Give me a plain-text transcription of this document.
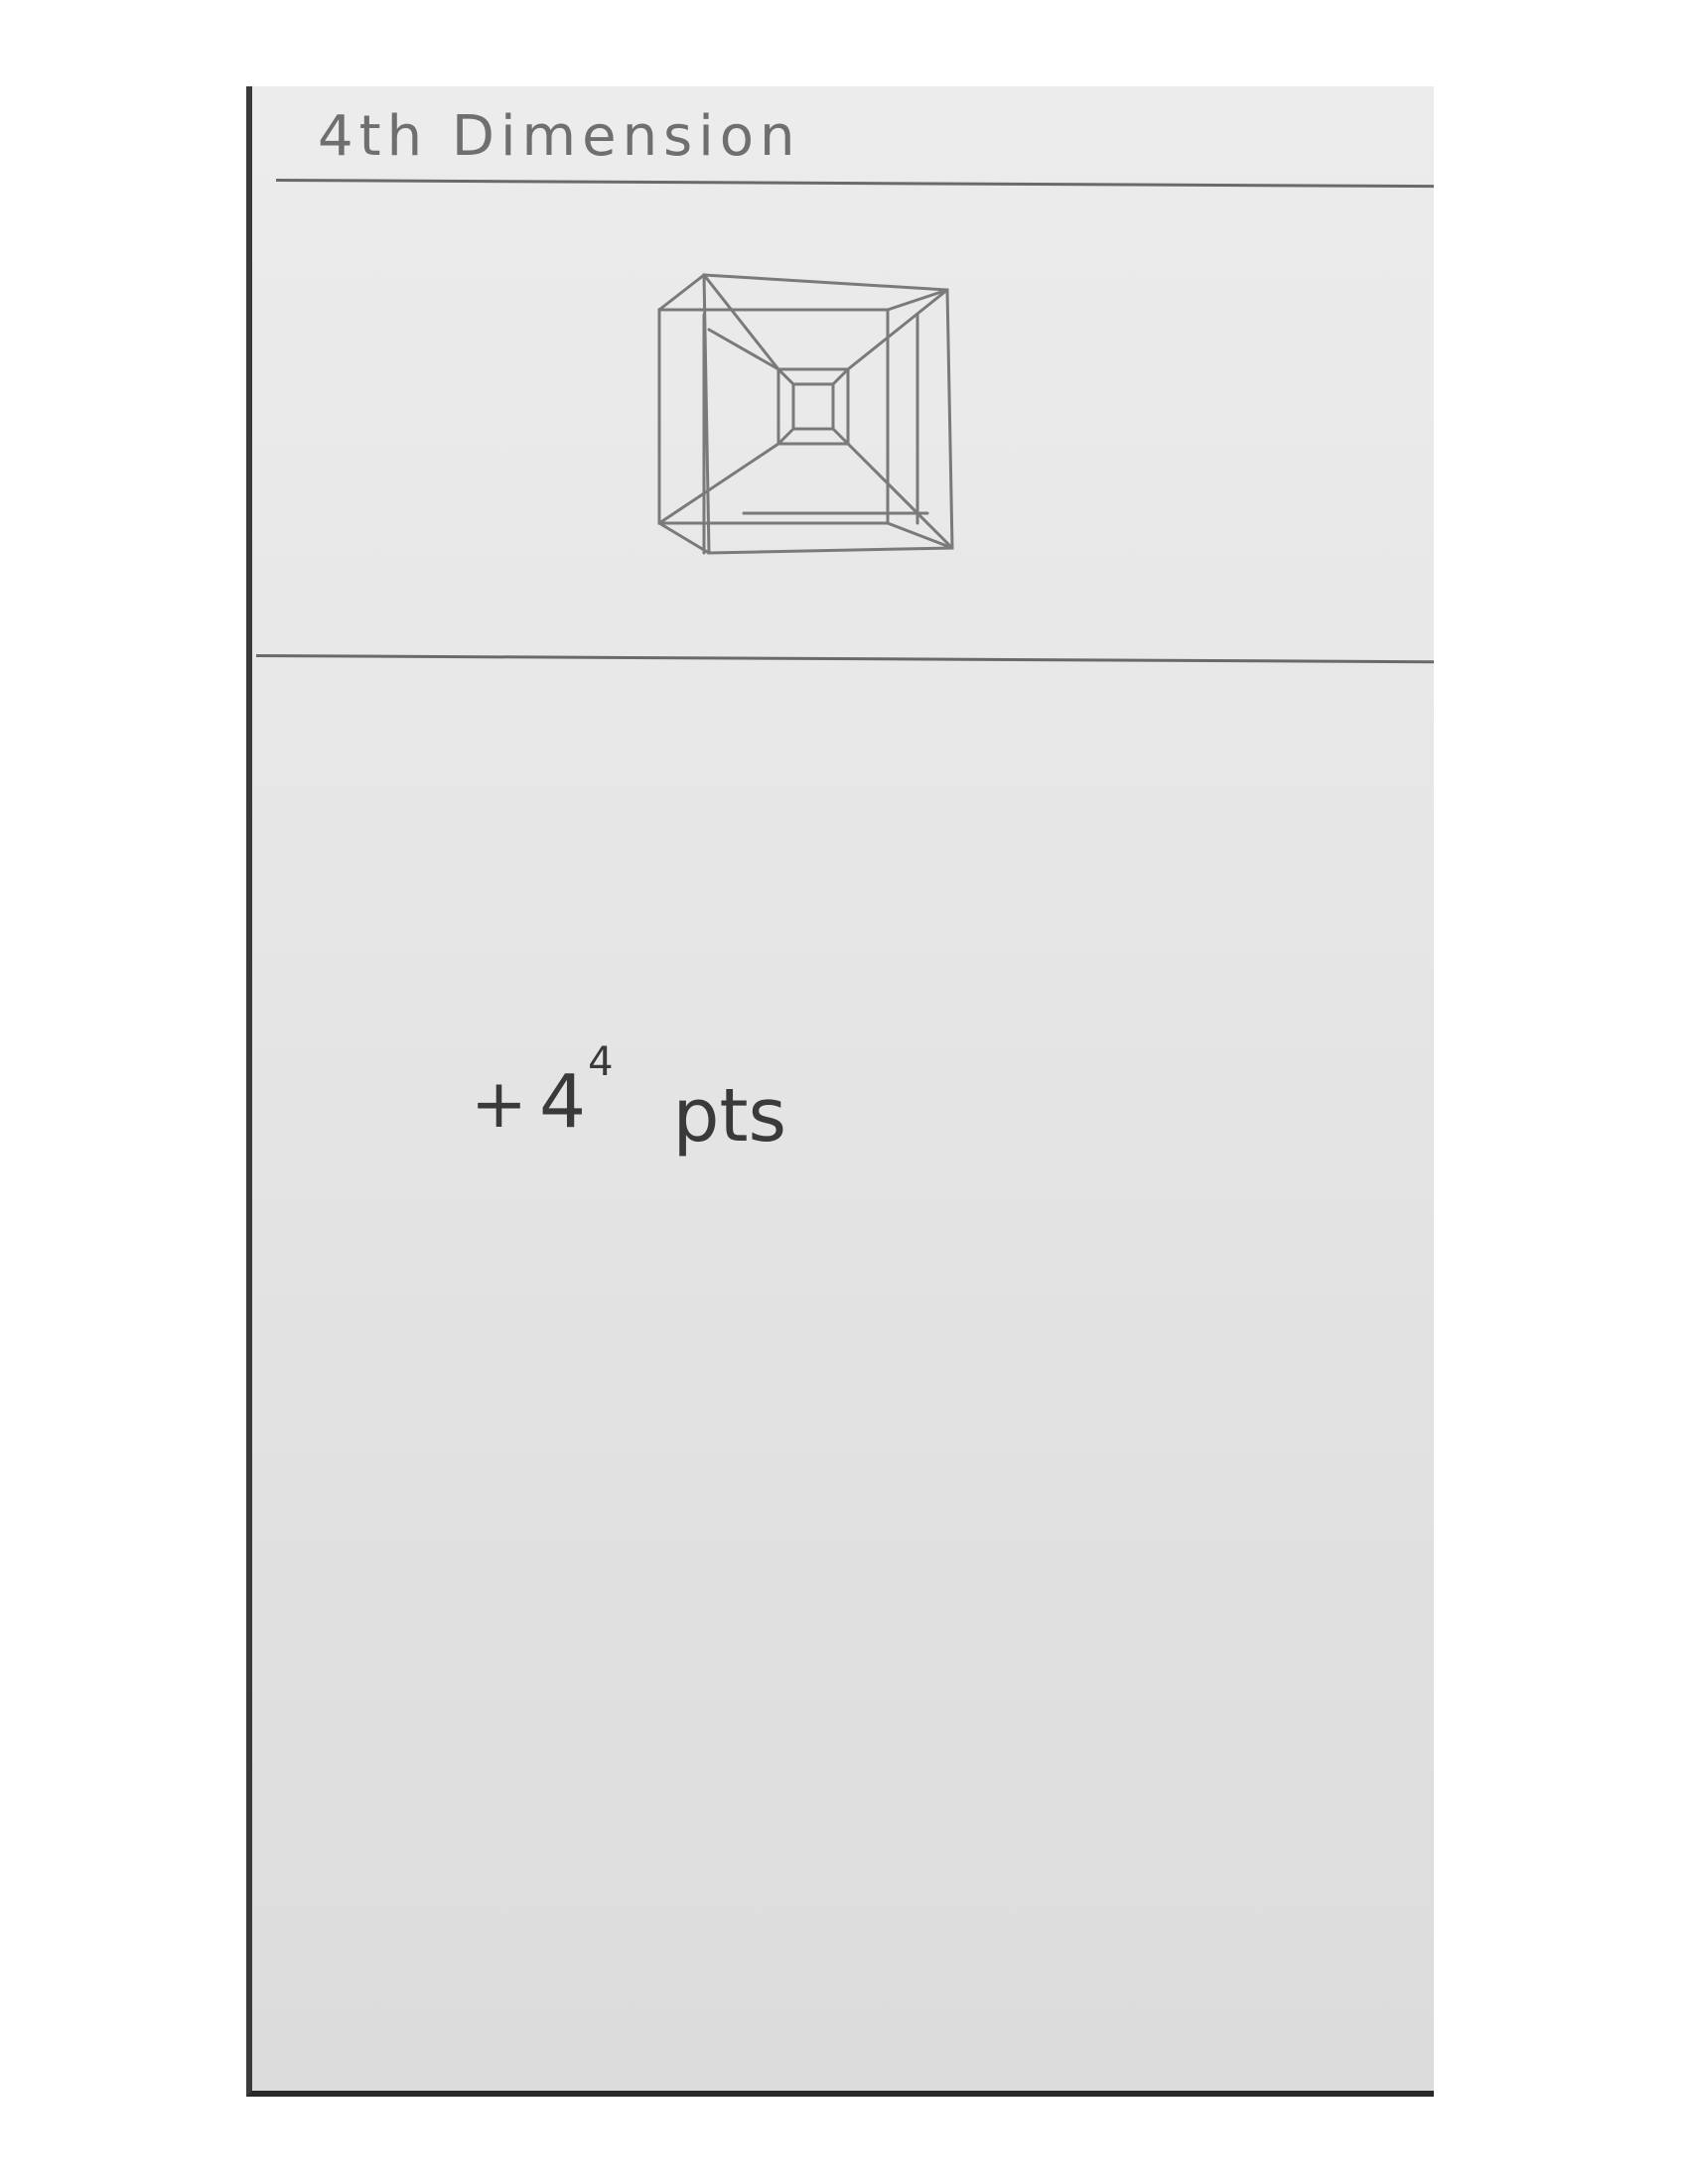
4th Dimension
+ 44pts
